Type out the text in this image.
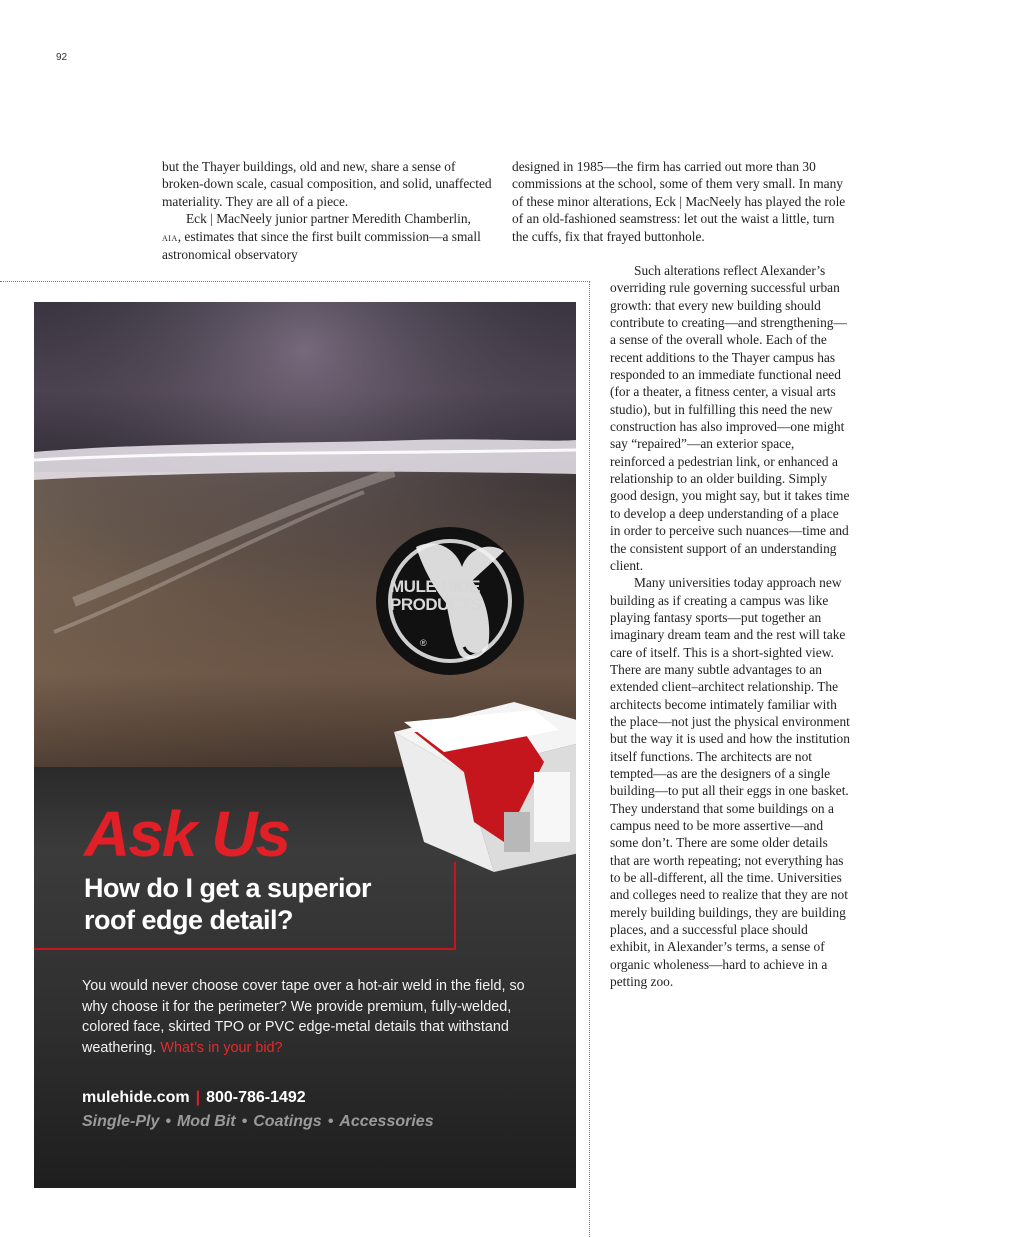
92

but the Thayer buildings, old and new, share a sense of broken-down scale, casual composition, and solid, unaffected materiality. They are all of a piece.

Eck | MacNeely junior partner Meredith Chamberlin, aia, estimates that since the first built commission—a small astronomical observatory

designed in 1985—the firm has carried out more than 30 commissions at the school, some of them very small. In many of these minor alterations, Eck | MacNeely has played the role of an old-fashioned seamstress: let out the waist a little, turn the cuffs, fix that frayed buttonhole.

Such alterations reflect Alexander’s overriding rule governing successful urban growth: that every new building should contribute to creating—and strengthening—a sense of the overall whole. Each of the recent additions to the Thayer campus has responded to an immediate functional need (for a theater, a fitness center, a visual arts studio), but in fulfilling this need the new construction has also improved—one might say “repaired”—an exterior space, reinforced a pedestrian link, or enhanced a relationship to an older building. Simply good design, you might say, but it takes time to develop a deep understanding of a place in order to perceive such nuances—time and the consistent support of an understanding client.

Many universities today approach new building as if creating a campus was like playing fantasy sports—put together an imaginary dream team and the rest will take care of itself. This is a short-sighted view. There are many subtle advantages to an extended client–architect relationship. The architects become intimately familiar with the place—not just the physical environment but the way it is used and how the institution itself functions. The architects are not tempted—as are the designers of a single building—to put all their eggs in one basket. They understand that some buildings on a campus need to be more assertive—and some don’t. There are some older details that are worth repeating; not everything has to be all-different, all the time. Universities and colleges need to realize that they are not merely building buildings, they are building places, and a successful place should exhibit, in Alexander’s terms, a sense of organic wholeness—hard to achieve in a petting zoo.

MULE-HIDE
PRODUCTS
®
Ask Us
How do I get a superior
roof edge detail?
You would never choose cover tape over a hot-air weld in the field, so why choose it for the perimeter? We provide premium, fully-welded, colored face, skirted TPO or PVC edge-metal details that withstand weathering. What’s in your bid?
mulehide.com | 800-786-1492
Single-Ply • Mod Bit • Coatings • Accessories
